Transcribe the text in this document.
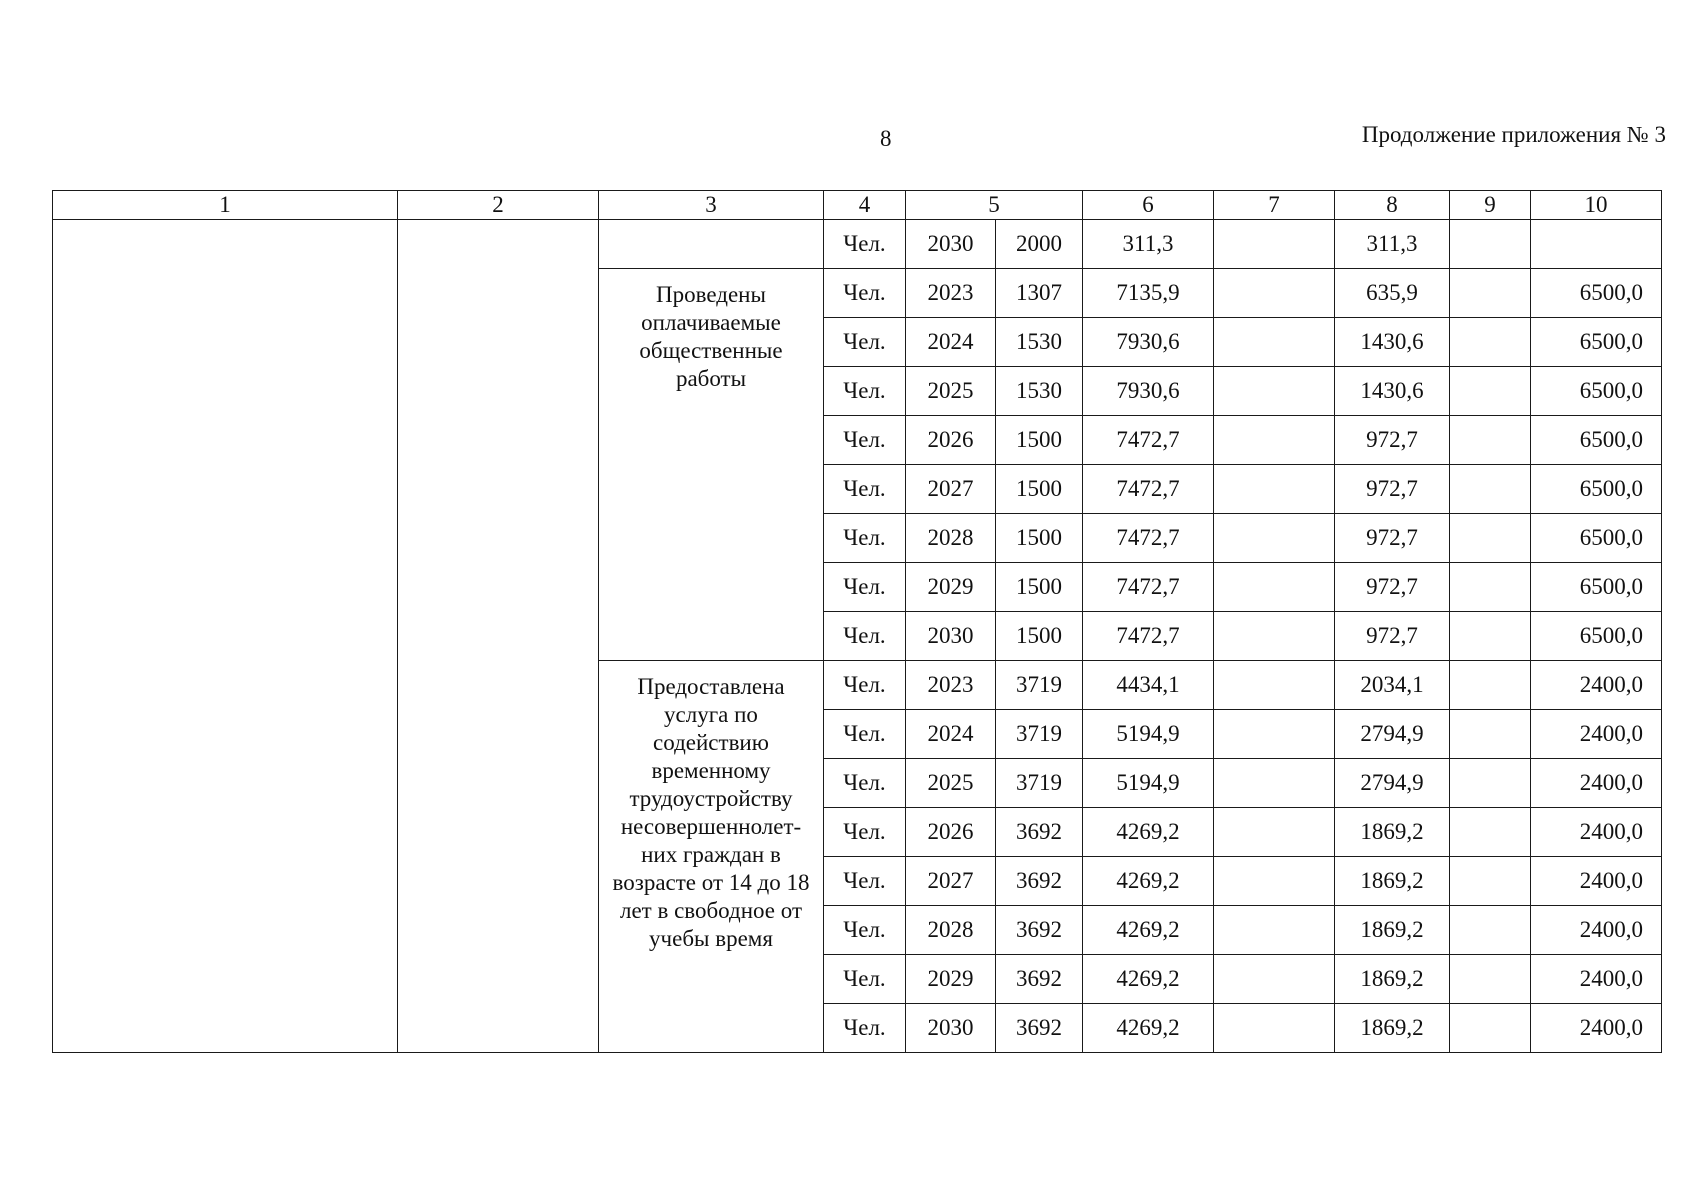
8	Продолжение приложения № 3
1	2	3	4	5		6	7	8	9	10
			Чел.	2030	2000	311,3		311,3		
		Проведены оплачиваемые общественные работы	Чел.	2023	1307	7135,9		635,9		6500,0
			Чел.	2024	1530	7930,6		1430,6		6500,0
			Чел.	2025	1530	7930,6		1430,6		6500,0
			Чел.	2026	1500	7472,7		972,7		6500,0
			Чел.	2027	1500	7472,7		972,7		6500,0
			Чел.	2028	1500	7472,7		972,7		6500,0
			Чел.	2029	1500	7472,7		972,7		6500,0
			Чел.	2030	1500	7472,7		972,7		6500,0
		Предоставлена услуга по содействию временному трудоустройству несовершеннолет-них граждан в возрасте от 14 до 18 лет в свободное от учебы время	Чел.	2023	3719	4434,1		2034,1		2400,0
			Чел.	2024	3719	5194,9		2794,9		2400,0
			Чел.	2025	3719	5194,9		2794,9		2400,0
			Чел.	2026	3692	4269,2		1869,2		2400,0
			Чел.	2027	3692	4269,2		1869,2		2400,0
			Чел.	2028	3692	4269,2		1869,2		2400,0
			Чел.	2029	3692	4269,2		1869,2		2400,0
			Чел.	2030	3692	4269,2		1869,2		2400,0
